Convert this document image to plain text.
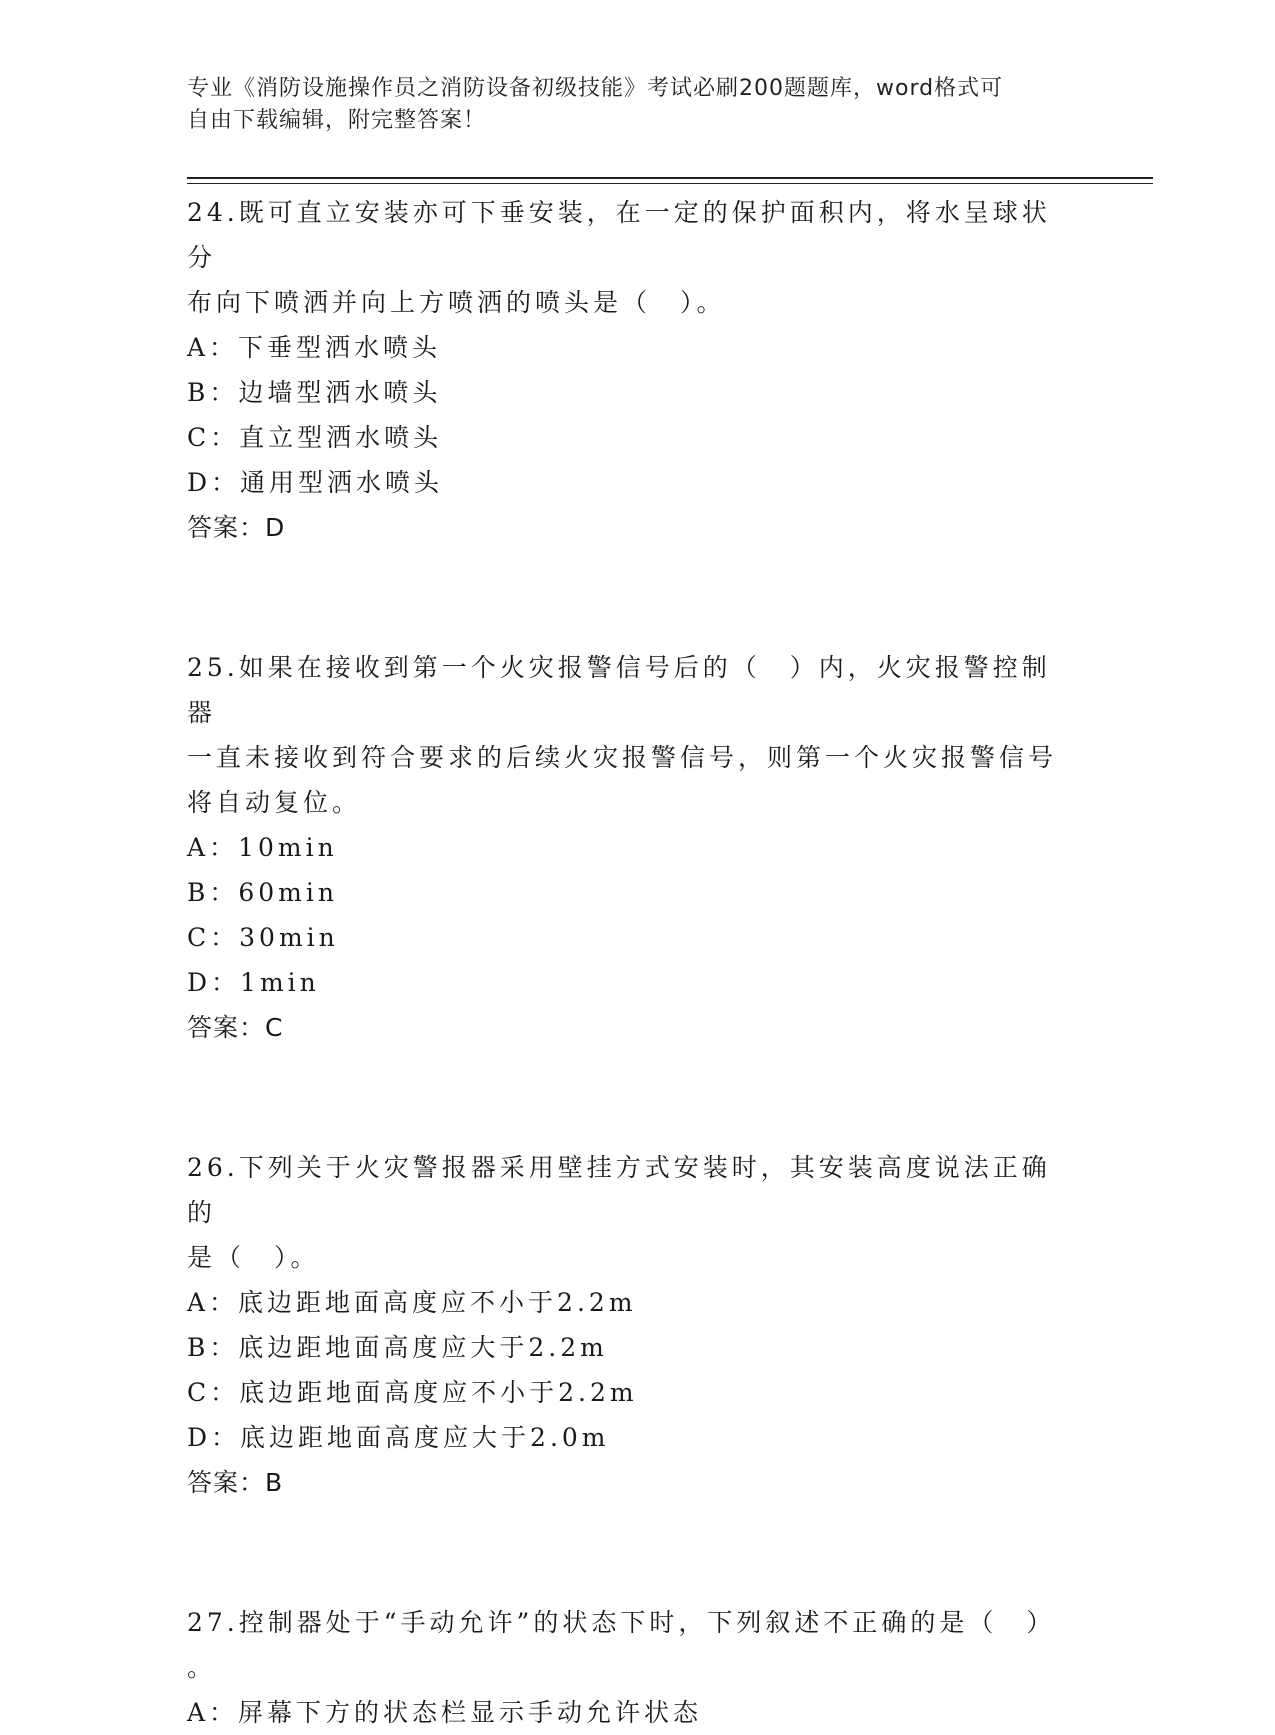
专业《消防设施操作员之消防设备初级技能》考试必刷200题题库，word格式可
自由下载编辑，附完整答案！

24.既可直立安装亦可下垂安装，在一定的保护面积内，将水呈球状分

布向下喷洒并向上方喷洒的喷头是（　）。

A：下垂型洒水喷头

B：边墙型洒水喷头

C：直立型洒水喷头

D：通用型洒水喷头

答案：D

25.如果在接收到第一个火灾报警信号后的（　）内，火灾报警控制器

一直未接收到符合要求的后续火灾报警信号，则第一个火灾报警信号

将自动复位。

A：10min

B：60min

C：30min

D：1min

答案：C

26.下列关于火灾警报器采用壁挂方式安装时，其安装高度说法正确的

是（　）。

A：底边距地面高度应不小于2.2m

B：底边距地面高度应大于2.2m

C：底边距地面高度应不小于2.2m

D：底边距地面高度应大于2.0m

答案：B

27.控制器处于“手动允许”的状态下时，下列叙述不正确的是（　）

。

A：屏幕下方的状态栏显示手动允许状态
